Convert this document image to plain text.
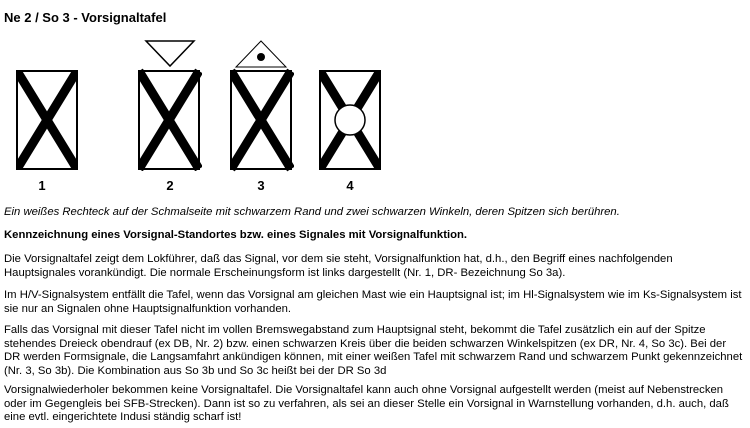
Ne 2 / So 3 - Vorsignaltafel
1	2	3	4
Ein weißes Rechteck auf der Schmalseite mit schwarzem Rand und zwei schwarzen Winkeln, deren Spitzen sich berühren.
Kennzeichnung eines Vorsignal-Standortes bzw. eines Signales mit Vorsignalfunktion.
Die Vorsignaltafel zeigt dem Lokführer, daß das Signal, vor dem sie steht, Vorsignalfunktion hat, d.h., den Begriff eines nachfolgenden Hauptsignales vorankündigt. Die normale Erscheinungsform ist links dargestellt (Nr. 1, DR- Bezeichnung So 3a).
Im H/V-Signalsystem entfällt die Tafel, wenn das Vorsignal am gleichen Mast wie ein Hauptsignal ist; im Hl-Signalsystem wie im Ks-Signalsystem ist sie nur an Signalen ohne Hauptsignalfunktion vorhanden.
Falls das Vorsignal mit dieser Tafel nicht im vollen Bremswegabstand zum Hauptsignal steht, bekommt die Tafel zusätzlich ein auf der Spitze stehendes Dreieck obendrauf (ex DB, Nr. 2) bzw. einen schwarzen Kreis über die beiden schwarzen Winkelspitzen (ex DR, Nr. 4, So 3c). Bei der DR werden Formsignale, die Langsamfahrt ankündigen können, mit einer weißen Tafel mit schwarzem Rand und schwarzem Punkt gekennzeichnet (Nr. 3, So 3b). Die Kombination aus So 3b und So 3c heißt bei der DR So 3d
Vorsignalwiederholer bekommen keine Vorsignaltafel. Die Vorsignaltafel kann auch ohne Vorsignal aufgestellt werden (meist auf Nebenstrecken oder im Gegengleis bei SFB-Strecken). Dann ist so zu verfahren, als sei an dieser Stelle ein Vorsignal in Warnstellung vorhanden, d.h. auch, daß eine evtl. eingerichtete Indusi ständig scharf ist!
